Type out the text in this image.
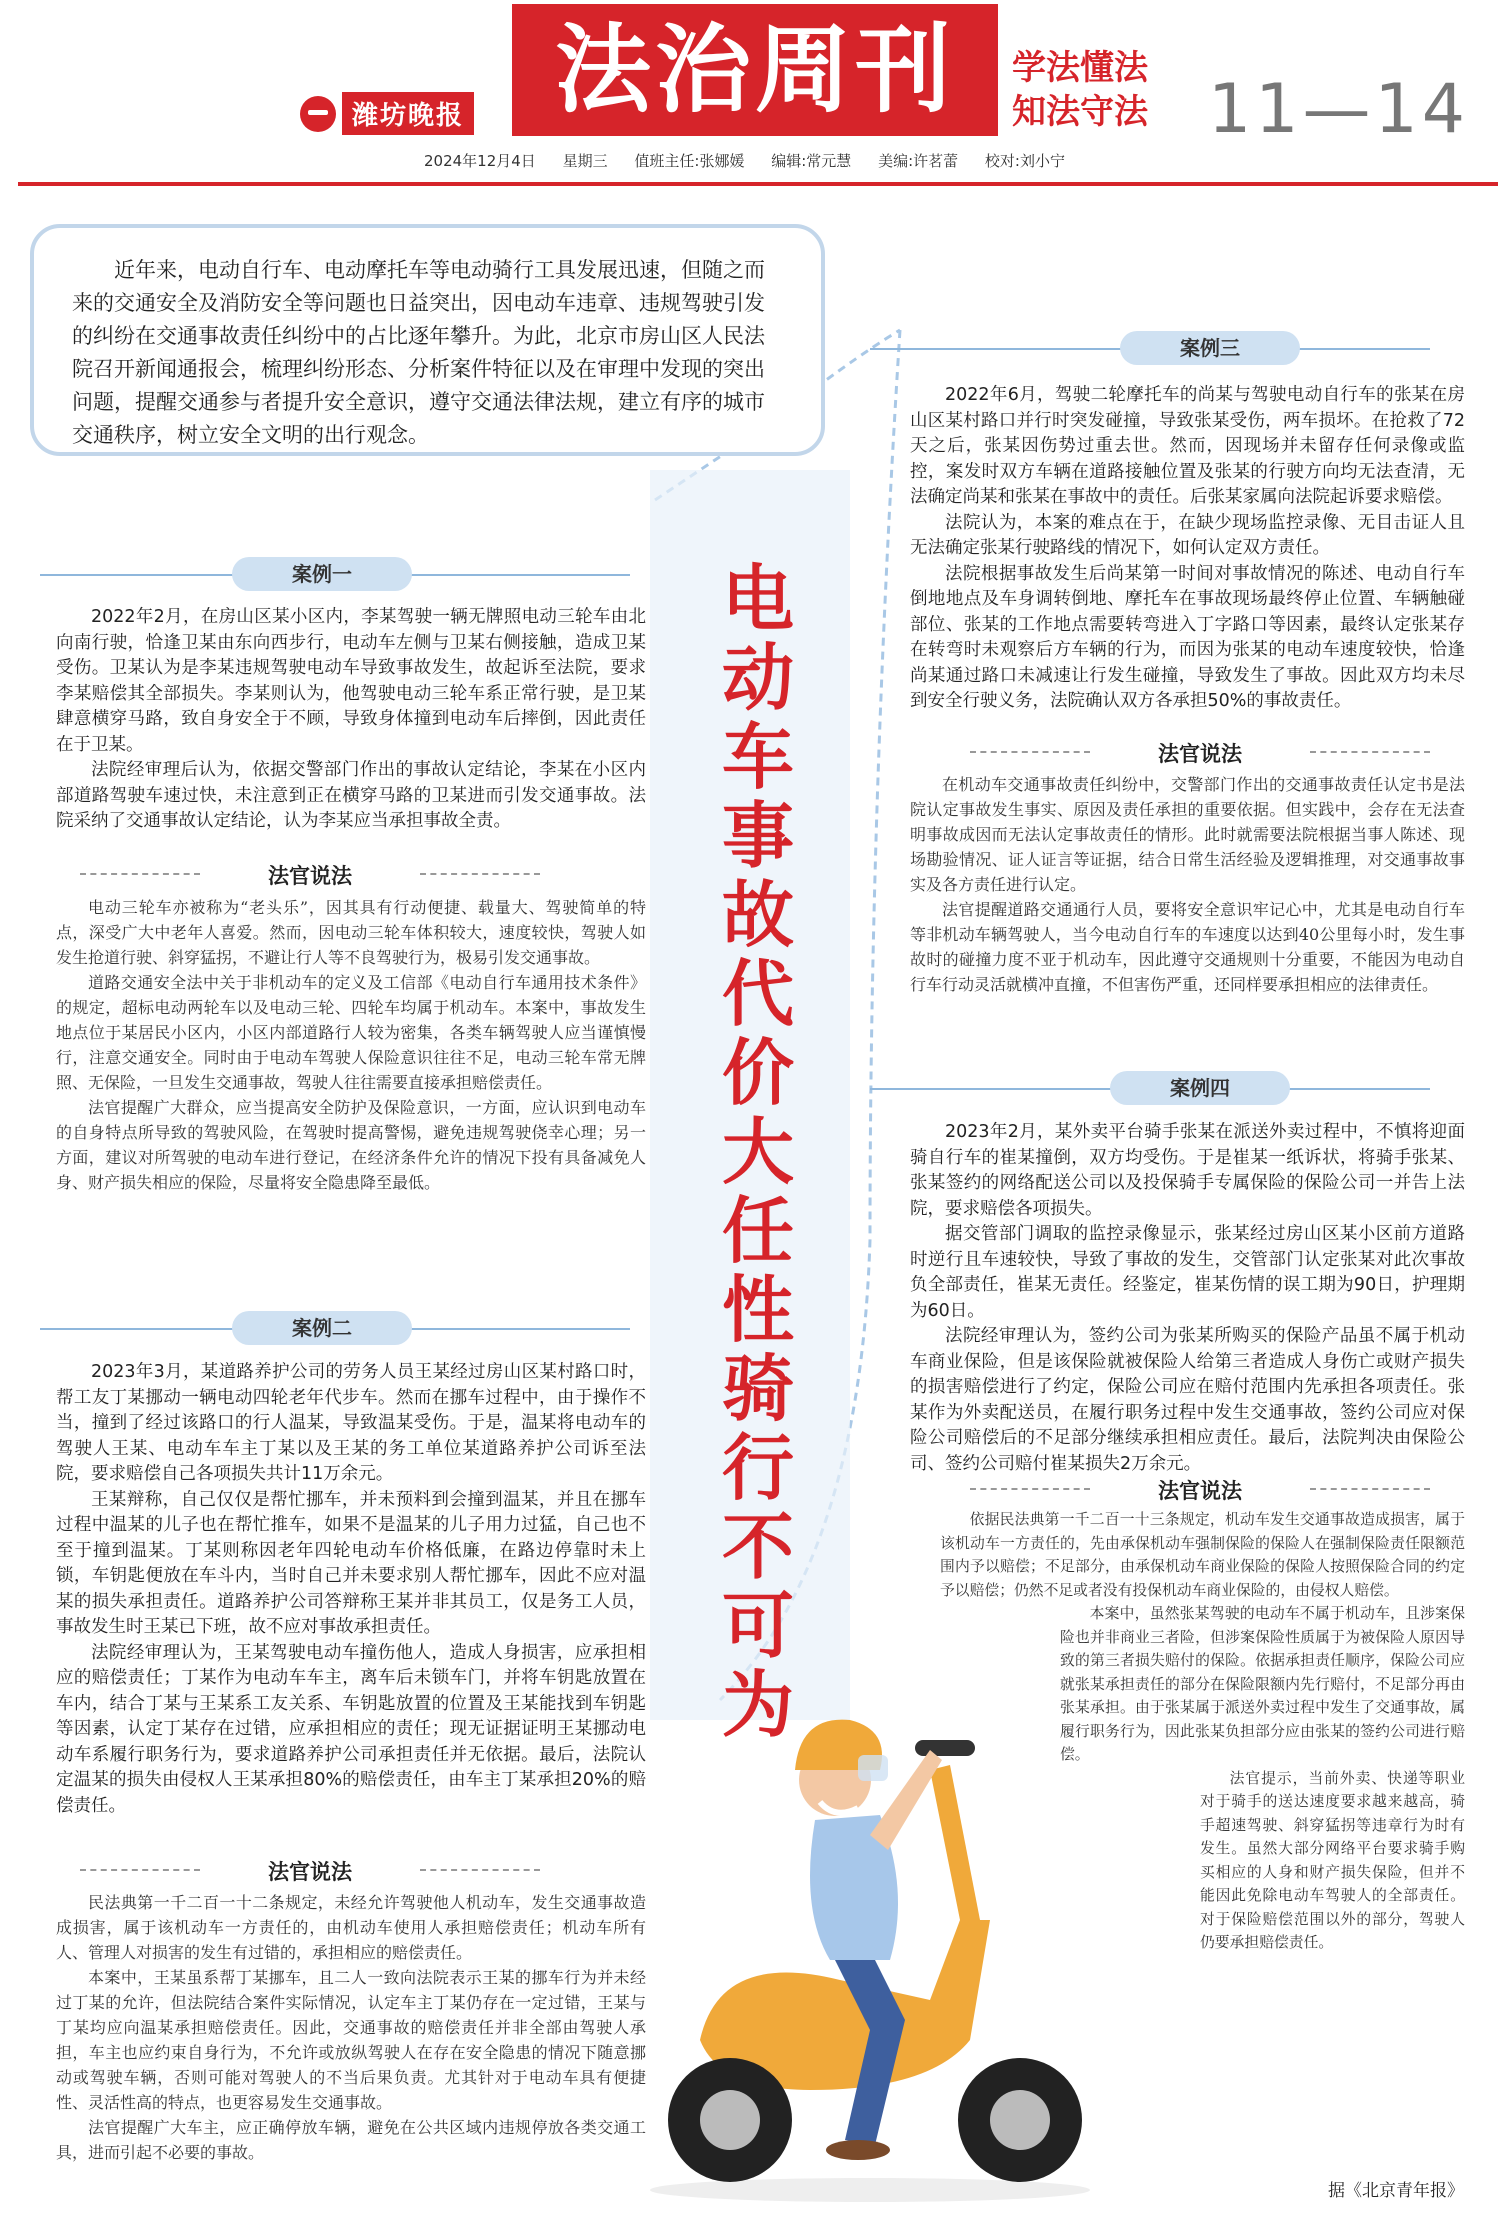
潍坊晚报 法治周刊	学法懂法
知法守法 11—14
2024年12月4日 星期三 值班主任:张娜媛 编辑:常元慧 美编:许茗蕾 校对:刘小宁
近年来，电动自行车、电动摩托车等电动骑行工具发展迅速，但随之而来的交通安全及消防安全等问题也日益突出，因电动车违章、违规驾驶引发的纠纷在交通事故责任纠纷中的占比逐年攀升。为此，北京市房山区人民法院召开新闻通报会，梳理纠纷形态、分析案件特征以及在审理中发现的突出问题，提醒交通参与者提升安全意识，遵守交通法律法规，建立有序的城市交通秩序，树立安全文明的出行观念。
电动车事故代价大 任性骑行不可为
案例一

2022年2月，在房山区某小区内，李某驾驶一辆无牌照电动三轮车由北向南行驶，恰逢卫某由东向西步行，电动车左侧与卫某右侧接触，造成卫某受伤。卫某认为是李某违规驾驶电动车导致事故发生，故起诉至法院，要求李某赔偿其全部损失。李某则认为，他驾驶电动三轮车系正常行驶，是卫某肆意横穿马路，致自身安全于不顾，导致身体撞到电动车后摔倒，因此责任在于卫某。

法院经审理后认为，依据交警部门作出的事故认定结论，李某在小区内部道路驾驶车速过快，未注意到正在横穿马路的卫某进而引发交通事故。法院采纳了交通事故认定结论，认为李某应当承担事故全责。

法官说法

电动三轮车亦被称为“老头乐”，因其具有行动便捷、载量大、驾驶简单的特点，深受广大中老年人喜爱。然而，因电动三轮车体积较大，速度较快，驾驶人如发生抢道行驶、斜穿猛拐，不避让行人等不良驾驶行为，极易引发交通事故。

道路交通安全法中关于非机动车的定义及工信部《电动自行车通用技术条件》的规定，超标电动两轮车以及电动三轮、四轮车均属于机动车。本案中，事故发生地点位于某居民小区内，小区内部道路行人较为密集，各类车辆驾驶人应当谨慎慢行，注意交通安全。同时由于电动车驾驶人保险意识往往不足，电动三轮车常无牌照、无保险，一旦发生交通事故，驾驶人往往需要直接承担赔偿责任。

法官提醒广大群众，应当提高安全防护及保险意识，一方面，应认识到电动车的自身特点所导致的驾驶风险，在驾驶时提高警惕，避免违规驾驶侥幸心理；另一方面，建议对所驾驶的电动车进行登记，在经济条件允许的情况下投有具备减免人身、财产损失相应的保险，尽量将安全隐患降至最低。

案例二

2023年3月，某道路养护公司的劳务人员王某经过房山区某村路口时，帮工友丁某挪动一辆电动四轮老年代步车。然而在挪车过程中，由于操作不当，撞到了经过该路口的行人温某，导致温某受伤。于是，温某将电动车的驾驶人王某、电动车车主丁某以及王某的务工单位某道路养护公司诉至法院，要求赔偿自己各项损失共计11万余元。

王某辩称，自己仅仅是帮忙挪车，并未预料到会撞到温某，并且在挪车过程中温某的儿子也在帮忙推车，如果不是温某的儿子用力过猛，自己也不至于撞到温某。丁某则称因老年四轮电动车价格低廉，在路边停靠时未上锁，车钥匙便放在车斗内，当时自己并未要求别人帮忙挪车，因此不应对温某的损失承担责任。道路养护公司答辩称王某并非其员工，仅是务工人员，事故发生时王某已下班，故不应对事故承担责任。

法院经审理认为，王某驾驶电动车撞伤他人，造成人身损害，应承担相应的赔偿责任；丁某作为电动车车主，离车后未锁车门，并将车钥匙放置在车内，结合丁某与王某系工友关系、车钥匙放置的位置及王某能找到车钥匙等因素，认定丁某存在过错，应承担相应的责任；现无证据证明王某挪动电动车系履行职务行为，要求道路养护公司承担责任并无依据。最后，法院认定温某的损失由侵权人王某承担80%的赔偿责任，由车主丁某承担20%的赔偿责任。

法官说法

民法典第一千二百一十二条规定，未经允许驾驶他人机动车，发生交通事故造成损害，属于该机动车一方责任的，由机动车使用人承担赔偿责任；机动车所有人、管理人对损害的发生有过错的，承担相应的赔偿责任。

本案中，王某虽系帮丁某挪车，且二人一致向法院表示王某的挪车行为并未经过丁某的允许，但法院结合案件实际情况，认定车主丁某仍存在一定过错，王某与丁某均应向温某承担赔偿责任。因此，交通事故的赔偿责任并非全部由驾驶人承担，车主也应约束自身行为，不允许或放纵驾驶人在存在安全隐患的情况下随意挪动或驾驶车辆，否则可能对驾驶人的不当后果负责。尤其针对于电动车具有便捷性、灵活性高的特点，也更容易发生交通事故。

法官提醒广大车主，应正确停放车辆，避免在公共区域内违规停放各类交通工具，进而引起不必要的事故。

案例三

2022年6月，驾驶二轮摩托车的尚某与驾驶电动自行车的张某在房山区某村路口并行时突发碰撞，导致张某受伤，两车损坏。在抢救了72天之后，张某因伤势过重去世。然而，因现场并未留存任何录像或监控，案发时双方车辆在道路接触位置及张某的行驶方向均无法查清，无法确定尚某和张某在事故中的责任。后张某家属向法院起诉要求赔偿。

法院认为，本案的难点在于，在缺少现场监控录像、无目击证人且无法确定张某行驶路线的情况下，如何认定双方责任。

法院根据事故发生后尚某第一时间对事故情况的陈述、电动自行车倒地地点及车身调转倒地、摩托车在事故现场最终停止位置、车辆触碰部位、张某的工作地点需要转弯进入丁字路口等因素，最终认定张某存在转弯时未观察后方车辆的行为，而因为张某的电动车速度较快，恰逢尚某通过路口未减速让行发生碰撞，导致发生了事故。因此双方均未尽到安全行驶义务，法院确认双方各承担50%的事故责任。

法官说法

在机动车交通事故责任纠纷中，交警部门作出的交通事故责任认定书是法院认定事故发生事实、原因及责任承担的重要依据。但实践中，会存在无法查明事故成因而无法认定事故责任的情形。此时就需要法院根据当事人陈述、现场勘验情况、证人证言等证据，结合日常生活经验及逻辑推理，对交通事故事实及各方责任进行认定。

法官提醒道路交通通行人员，要将安全意识牢记心中，尤其是电动自行车等非机动车辆驾驶人，当今电动自行车的车速度以达到40公里每小时，发生事故时的碰撞力度不亚于机动车，因此遵守交通规则十分重要，不能因为电动自行车行动灵活就横冲直撞，不但害伤严重，还同样要承担相应的法律责任。

案例四

2023年2月，某外卖平台骑手张某在派送外卖过程中，不慎将迎面骑自行车的崔某撞倒，双方均受伤。于是崔某一纸诉状，将骑手张某、张某签约的网络配送公司以及投保骑手专属保险的保险公司一并告上法院，要求赔偿各项损失。

据交管部门调取的监控录像显示，张某经过房山区某小区前方道路时逆行且车速较快，导致了事故的发生，交管部门认定张某对此次事故负全部责任，崔某无责任。经鉴定，崔某伤情的误工期为90日，护理期为60日。

法院经审理认为，签约公司为张某所购买的保险产品虽不属于机动车商业保险，但是该保险就被保险人给第三者造成人身伤亡或财产损失的损害赔偿进行了约定，保险公司应在赔付范围内先承担各项责任。张某作为外卖配送员，在履行职务过程中发生交通事故，签约公司应对保险公司赔偿后的不足部分继续承担相应责任。最后，法院判决由保险公司、签约公司赔付崔某损失2万余元。

法官说法

依据民法典第一千二百一十三条规定，机动车发生交通事故造成损害，属于该机动车一方责任的，先由承保机动车强制保险的保险人在强制保险责任限额范围内予以赔偿；不足部分，由承保机动车商业保险的保险人按照保险合同的约定予以赔偿；仍然不足或者没有投保机动车商业保险的，由侵权人赔偿。

本案中，虽然张某驾驶的电动车不属于机动车，且涉案保险也并非商业三者险，但涉案保险性质属于为被保险人原因导致的第三者损失赔付的保险。依据承担责任顺序，保险公司应就张某承担责任的部分在保险限额内先行赔付，不足部分再由张某承担。由于张某属于派送外卖过程中发生了交通事故，属履行职务行为，因此张某负担部分应由张某的签约公司进行赔偿。

法官提示，当前外卖、快递等职业对于骑手的送达速度要求越来越高，骑手超速驾驶、斜穿猛拐等违章行为时有发生。虽然大部分网络平台要求骑手购买相应的人身和财产损失保险，但并不能因此免除电动车驾驶人的全部责任。对于保险赔偿范围以外的部分，驾驶人仍要承担赔偿责任。

据《北京青年报》
